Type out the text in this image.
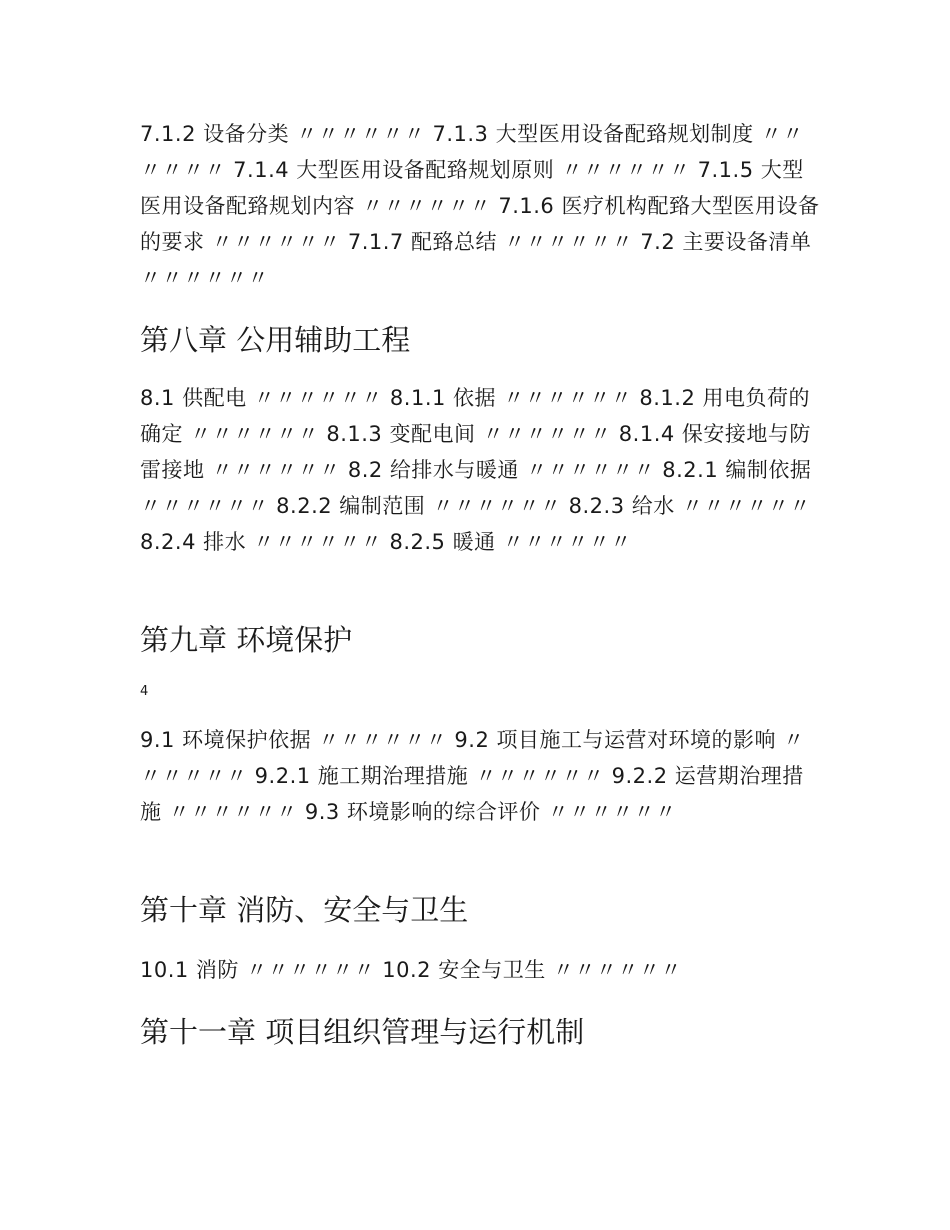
7.1.2 设备分类 〃〃〃〃〃〃 7.1.3 大型医用设备配臵规划制度 〃〃〃〃〃〃 7.1.4 大型医用设备配臵规划原则 〃〃〃〃〃〃 7.1.5 大型医用设备配臵规划内容 〃〃〃〃〃〃 7.1.6 医疗机构配臵大型医用设备的要求 〃〃〃〃〃〃 7.1.7 配臵总结 〃〃〃〃〃〃 7.2 主要设备清单 〃〃〃〃〃〃

第八章 公用辅助工程

8.1 供配电 〃〃〃〃〃〃 8.1.1 依据 〃〃〃〃〃〃 8.1.2 用电负荷的确定 〃〃〃〃〃〃 8.1.3 变配电间 〃〃〃〃〃〃 8.1.4 保安接地与防雷接地 〃〃〃〃〃〃 8.2 给排水与暖通 〃〃〃〃〃〃 8.2.1 编制依据 〃〃〃〃〃〃 8.2.2 编制范围 〃〃〃〃〃〃 8.2.3 给水 〃〃〃〃〃〃 8.2.4 排水 〃〃〃〃〃〃 8.2.5 暖通 〃〃〃〃〃〃

第九章 环境保护
4

9.1 环境保护依据 〃〃〃〃〃〃 9.2 项目施工与运营对环境的影响 〃〃〃〃〃〃 9.2.1 施工期治理措施 〃〃〃〃〃〃 9.2.2 运营期治理措施 〃〃〃〃〃〃 9.3 环境影响的综合评价 〃〃〃〃〃〃

第十章 消防、安全与卫生

10.1 消防 〃〃〃〃〃〃 10.2 安全与卫生 〃〃〃〃〃〃

第十一章 项目组织管理与运行机制
